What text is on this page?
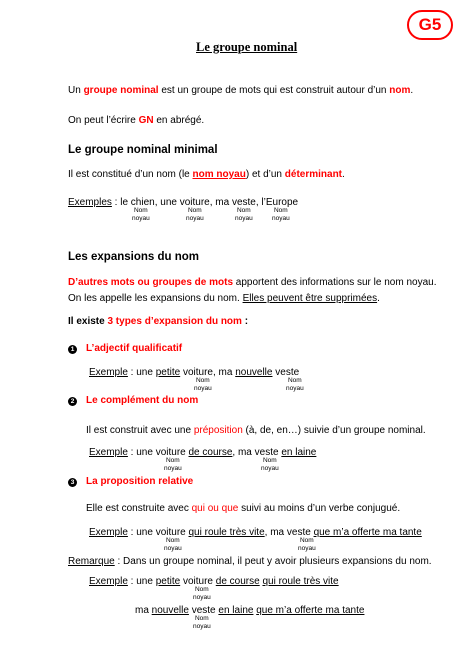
G5
Le groupe nominal
Un groupe nominal est un groupe de mots qui est construit autour d’un nom.
On peut l’écrire GN en abrégé.
Le groupe nominal minimal
Il est constitué d’un nom (le nom noyau) et d’un déterminant.
Exemples : le chien, une voiture, ma veste, l’Europe
Nom
noyau
Nom
noyau
Nom
noyau
Nom
noyau
Les expansions du nom
D’autres mots ou groupes de mots apportent des informations sur le nom noyau.
On les appelle les expansions du nom. Elles peuvent être supprimées.
Il existe 3 types d’expansion du nom :
1 L’adjectif qualificatif
Exemple : une petite voiture, ma nouvelle veste
Nom
noyau
Nom
noyau
2 Le complément du nom
Il est construit avec une préposition (à, de, en…) suivie d’un groupe nominal.
Exemple : une voiture de course, ma veste en laine
Nom
noyau
Nom
noyau
3 La proposition relative
Elle est construite avec qui ou que suivi au moins d’un verbe conjugué.
Exemple : une voiture qui roule très vite, ma veste que m’a offerte ma tante
Nom
noyau
Nom
noyau
Remarque : Dans un groupe nominal, il peut y avoir plusieurs expansions du nom.
Exemple : une petite voiture de course qui roule très vite
Nom
noyau
ma nouvelle veste en laine que m’a offerte ma tante
Nom
noyau
